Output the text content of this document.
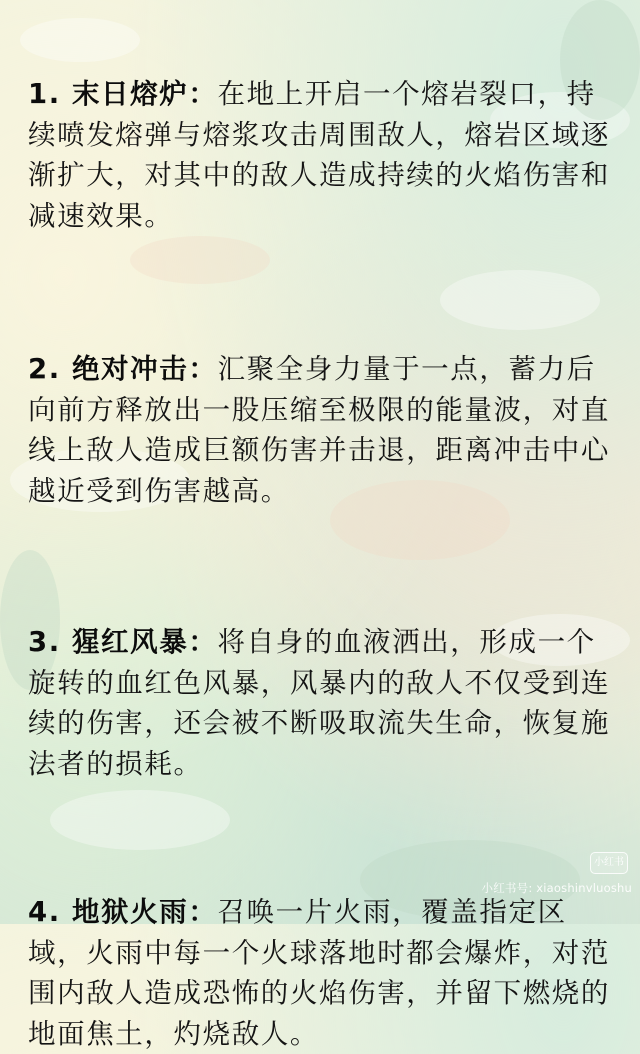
1. 末日熔炉：在地上开启一个熔岩裂口，持续喷发熔弹与熔浆攻击周围敌人，熔岩区域逐渐扩大，对其中的敌人造成持续的火焰伤害和减速效果。

2. 绝对冲击：汇聚全身力量于一点，蓄力后向前方释放出一股压缩至极限的能量波，对直线上敌人造成巨额伤害并击退，距离冲击中心越近受到伤害越高。

3. 猩红风暴：将自身的血液洒出，形成一个旋转的血红色风暴，风暴内的敌人不仅受到连续的伤害，还会被不断吸取流失生命，恢复施法者的损耗。

4. 地狱火雨：召唤一片火雨，覆盖指定区域，火雨中每一个火球落地时都会爆炸，对范围内敌人造成恐怖的火焰伤害，并留下燃烧的地面焦土，灼烧敌人。

小红书
小红书号: xiaoshinvluoshu
